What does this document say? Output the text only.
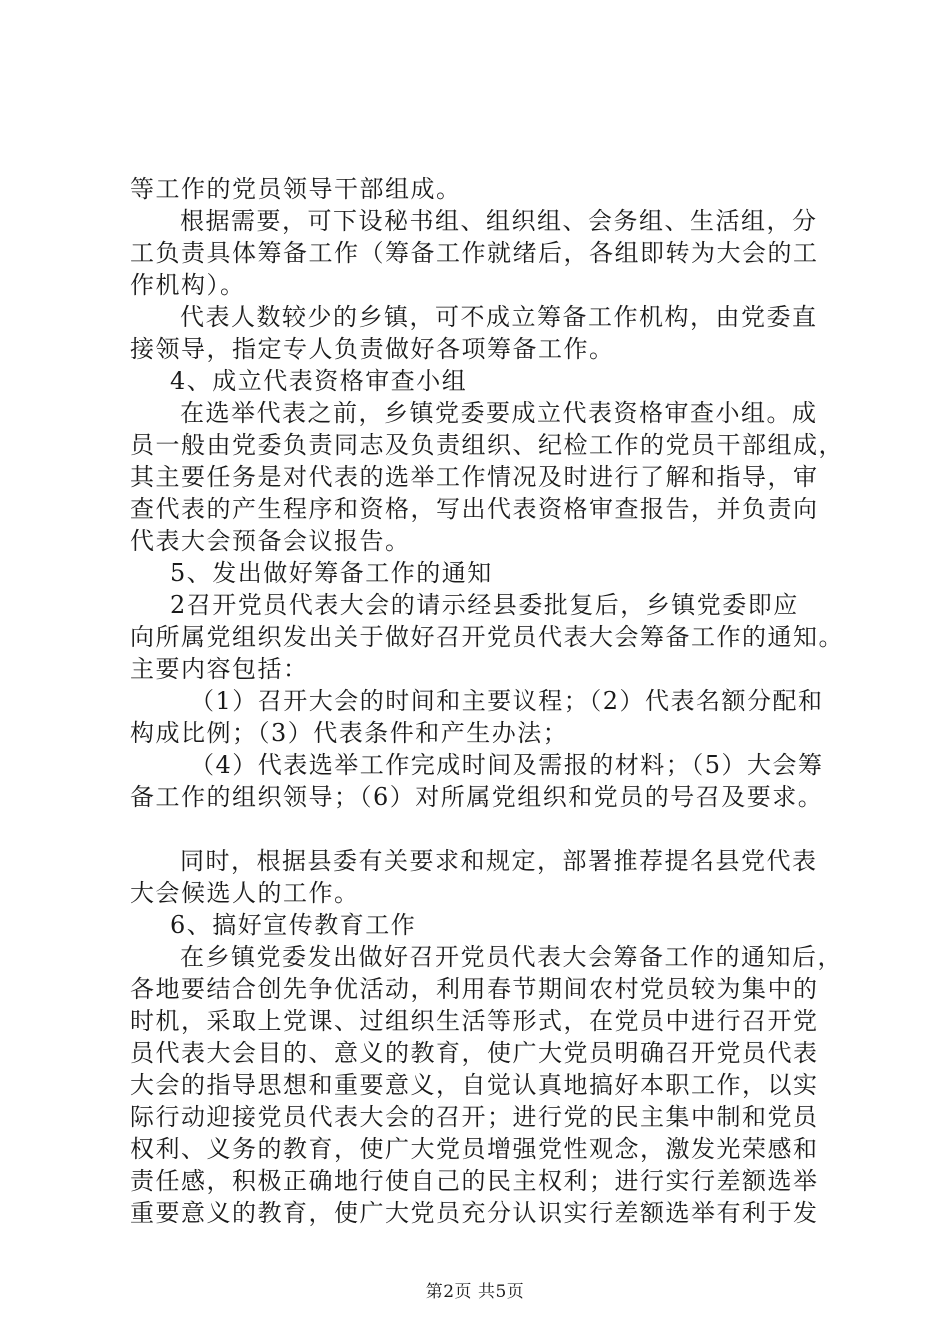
等工作的党员领导干部组成。
根据需要，可下设秘书组、组织组、会务组、生活组，分
工负责具体筹备工作（筹备工作就绪后，各组即转为大会的工
作机构）。
代表人数较少的乡镇，可不成立筹备工作机构，由党委直
接领导，指定专人负责做好各项筹备工作。
4、成立代表资格审查小组
在选举代表之前，乡镇党委要成立代表资格审查小组。成
员一般由党委负责同志及负责组织、纪检工作的党员干部组成，
其主要任务是对代表的选举工作情况及时进行了解和指导，审
查代表的产生程序和资格，写出代表资格审查报告，并负责向
代表大会预备会议报告。
5、发出做好筹备工作的通知
2召开党员代表大会的请示经县委批复后，乡镇党委即应
向所属党组织发出关于做好召开党员代表大会筹备工作的通知。
主要内容包括：
（1）召开大会的时间和主要议程；（2）代表名额分配和
构成比例；（3）代表条件和产生办法；
（4）代表选举工作完成时间及需报的材料；（5）大会筹
备工作的组织领导；（6）对所属党组织和党员的号召及要求。
同时，根据县委有关要求和规定，部署推荐提名县党代表
大会候选人的工作。
6、搞好宣传教育工作
在乡镇党委发出做好召开党员代表大会筹备工作的通知后，
各地要结合创先争优活动，利用春节期间农村党员较为集中的
时机，采取上党课、过组织生活等形式，在党员中进行召开党
员代表大会目的、意义的教育，使广大党员明确召开党员代表
大会的指导思想和重要意义，自觉认真地搞好本职工作，以实
际行动迎接党员代表大会的召开；进行党的民主集中制和党员
权利、义务的教育，使广大党员增强党性观念，激发光荣感和
责任感，积极正确地行使自己的民主权利；进行实行差额选举
重要意义的教育，使广大党员充分认识实行差额选举有利于发
第2页 共5页
